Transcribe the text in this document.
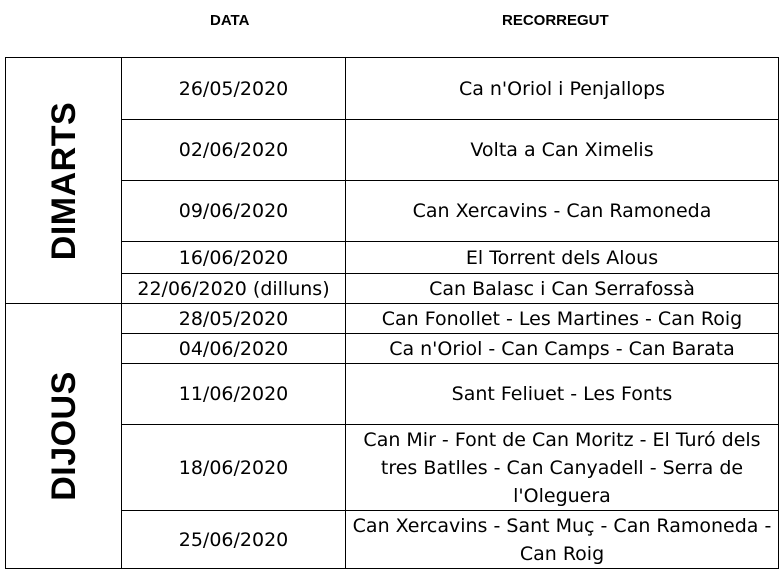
DATA	RECORREGUT
DIMARTS	26/05/2020	Ca n'Oriol i Penjallops
	02/06/2020	Volta a Can Ximelis
	09/06/2020	Can Xercavins - Can Ramoneda
	16/06/2020	El Torrent dels Alous
	22/06/2020 (dilluns)	Can Balasc i Can Serrafossà

DIJOUS	28/05/2020	Can Fonollet - Les Martines - Can Roig
	04/06/2020	Ca n'Oriol - Can Camps - Can Barata
	11/06/2020	Sant Feliuet - Les Fonts
	18/06/2020	Can Mir - Font de Can Moritz - El Turó dels tres Batlles - Can Canyadell - Serra de l'Oleguera
	25/06/2020	Can Xercavins - Sant Muç - Can Ramoneda - Can Roig
